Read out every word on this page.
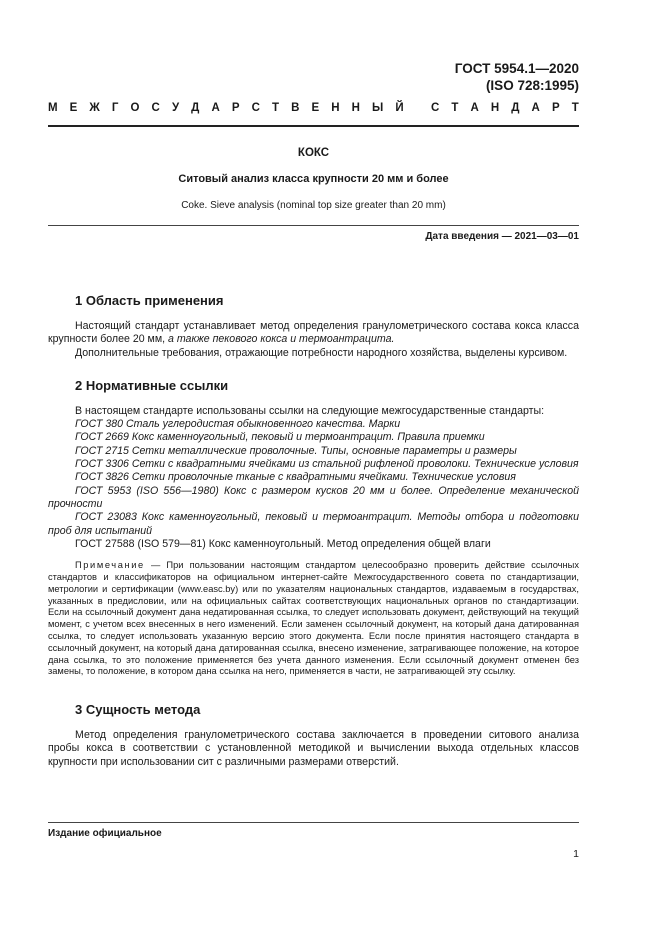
ГОСТ 5954.1—2020
(ISO 728:1995)
М Е Ж Г О С У Д А Р С Т В Е Н Н Ы Й
С Т А Н Д А Р Т
КОКС
Ситовый анализ класса крупности 20 мм и более
Coke. Sieve analysis (nominal top size greater than 20 mm)
Дата введения — 2021—03—01
1 Область применения

Настоящий стандарт устанавливает метод определения гранулометрического состава кокса класса крупности более 20 мм, а также пекового кокса и термоантрацита.

Дополнительные требования, отражающие потребности народного хозяйства, выделены курсивом.

2 Нормативные ссылки

В настоящем стандарте использованы ссылки на следующие межгосударственные стандарты:

ГОСТ 380 Сталь углеродистая обыкновенного качества. Марки

ГОСТ 2669 Кокс каменноугольный, пековый и термоантрацит. Правила приемки

ГОСТ 2715 Сетки металлические проволочные. Типы, основные параметры и размеры

ГОСТ 3306 Сетки с квадратными ячейками из стальной рифленой проволоки. Технические условия

ГОСТ 3826 Сетки проволочные тканые с квадратными ячейками. Технические условия

ГОСТ 5953 (ISO 556—1980) Кокс с размером кусков 20 мм и более. Определение механической прочности

ГОСТ 23083 Кокс каменноугольный, пековый и термоантрацит. Методы отбора и подготовки проб для испытаний

ГОСТ 27588 (ISO 579—81) Кокс каменноугольный. Метод определения общей влаги

Примечание — При пользовании настоящим стандартом целесообразно проверить действие ссылочных стандартов и классификаторов на официальном интернет-сайте Межгосударственного совета по стандартизации, метрологии и сертификации (www.easc.by) или по указателям национальных стандартов, издаваемым в государствах, указанных в предисловии, или на официальных сайтах соответствующих национальных органов по стандартизации. Если на ссылочный документ дана недатированная ссылка, то следует использовать документ, действующий на текущий момент, с учетом всех внесенных в него изменений. Если заменен ссылочный документ, на который дана датированная ссылка, то следует использовать указанную версию этого документа. Если после принятия настоящего стандарта в ссылочный документ, на который дана датированная ссылка, внесено изменение, затрагивающее положение, на которое дана ссылка, то это положение применяется без учета данного изменения. Если ссылочный документ отменен без замены, то положение, в котором дана ссылка на него, применяется в части, не затрагивающей эту ссылку.

3 Сущность метода

Метод определения гранулометрического состава заключается в проведении ситового анализа пробы кокса в соответствии с установленной методикой и вычислении выхода отдельных классов крупности при использовании сит с различными размерами отверстий.

Издание официальное
1
